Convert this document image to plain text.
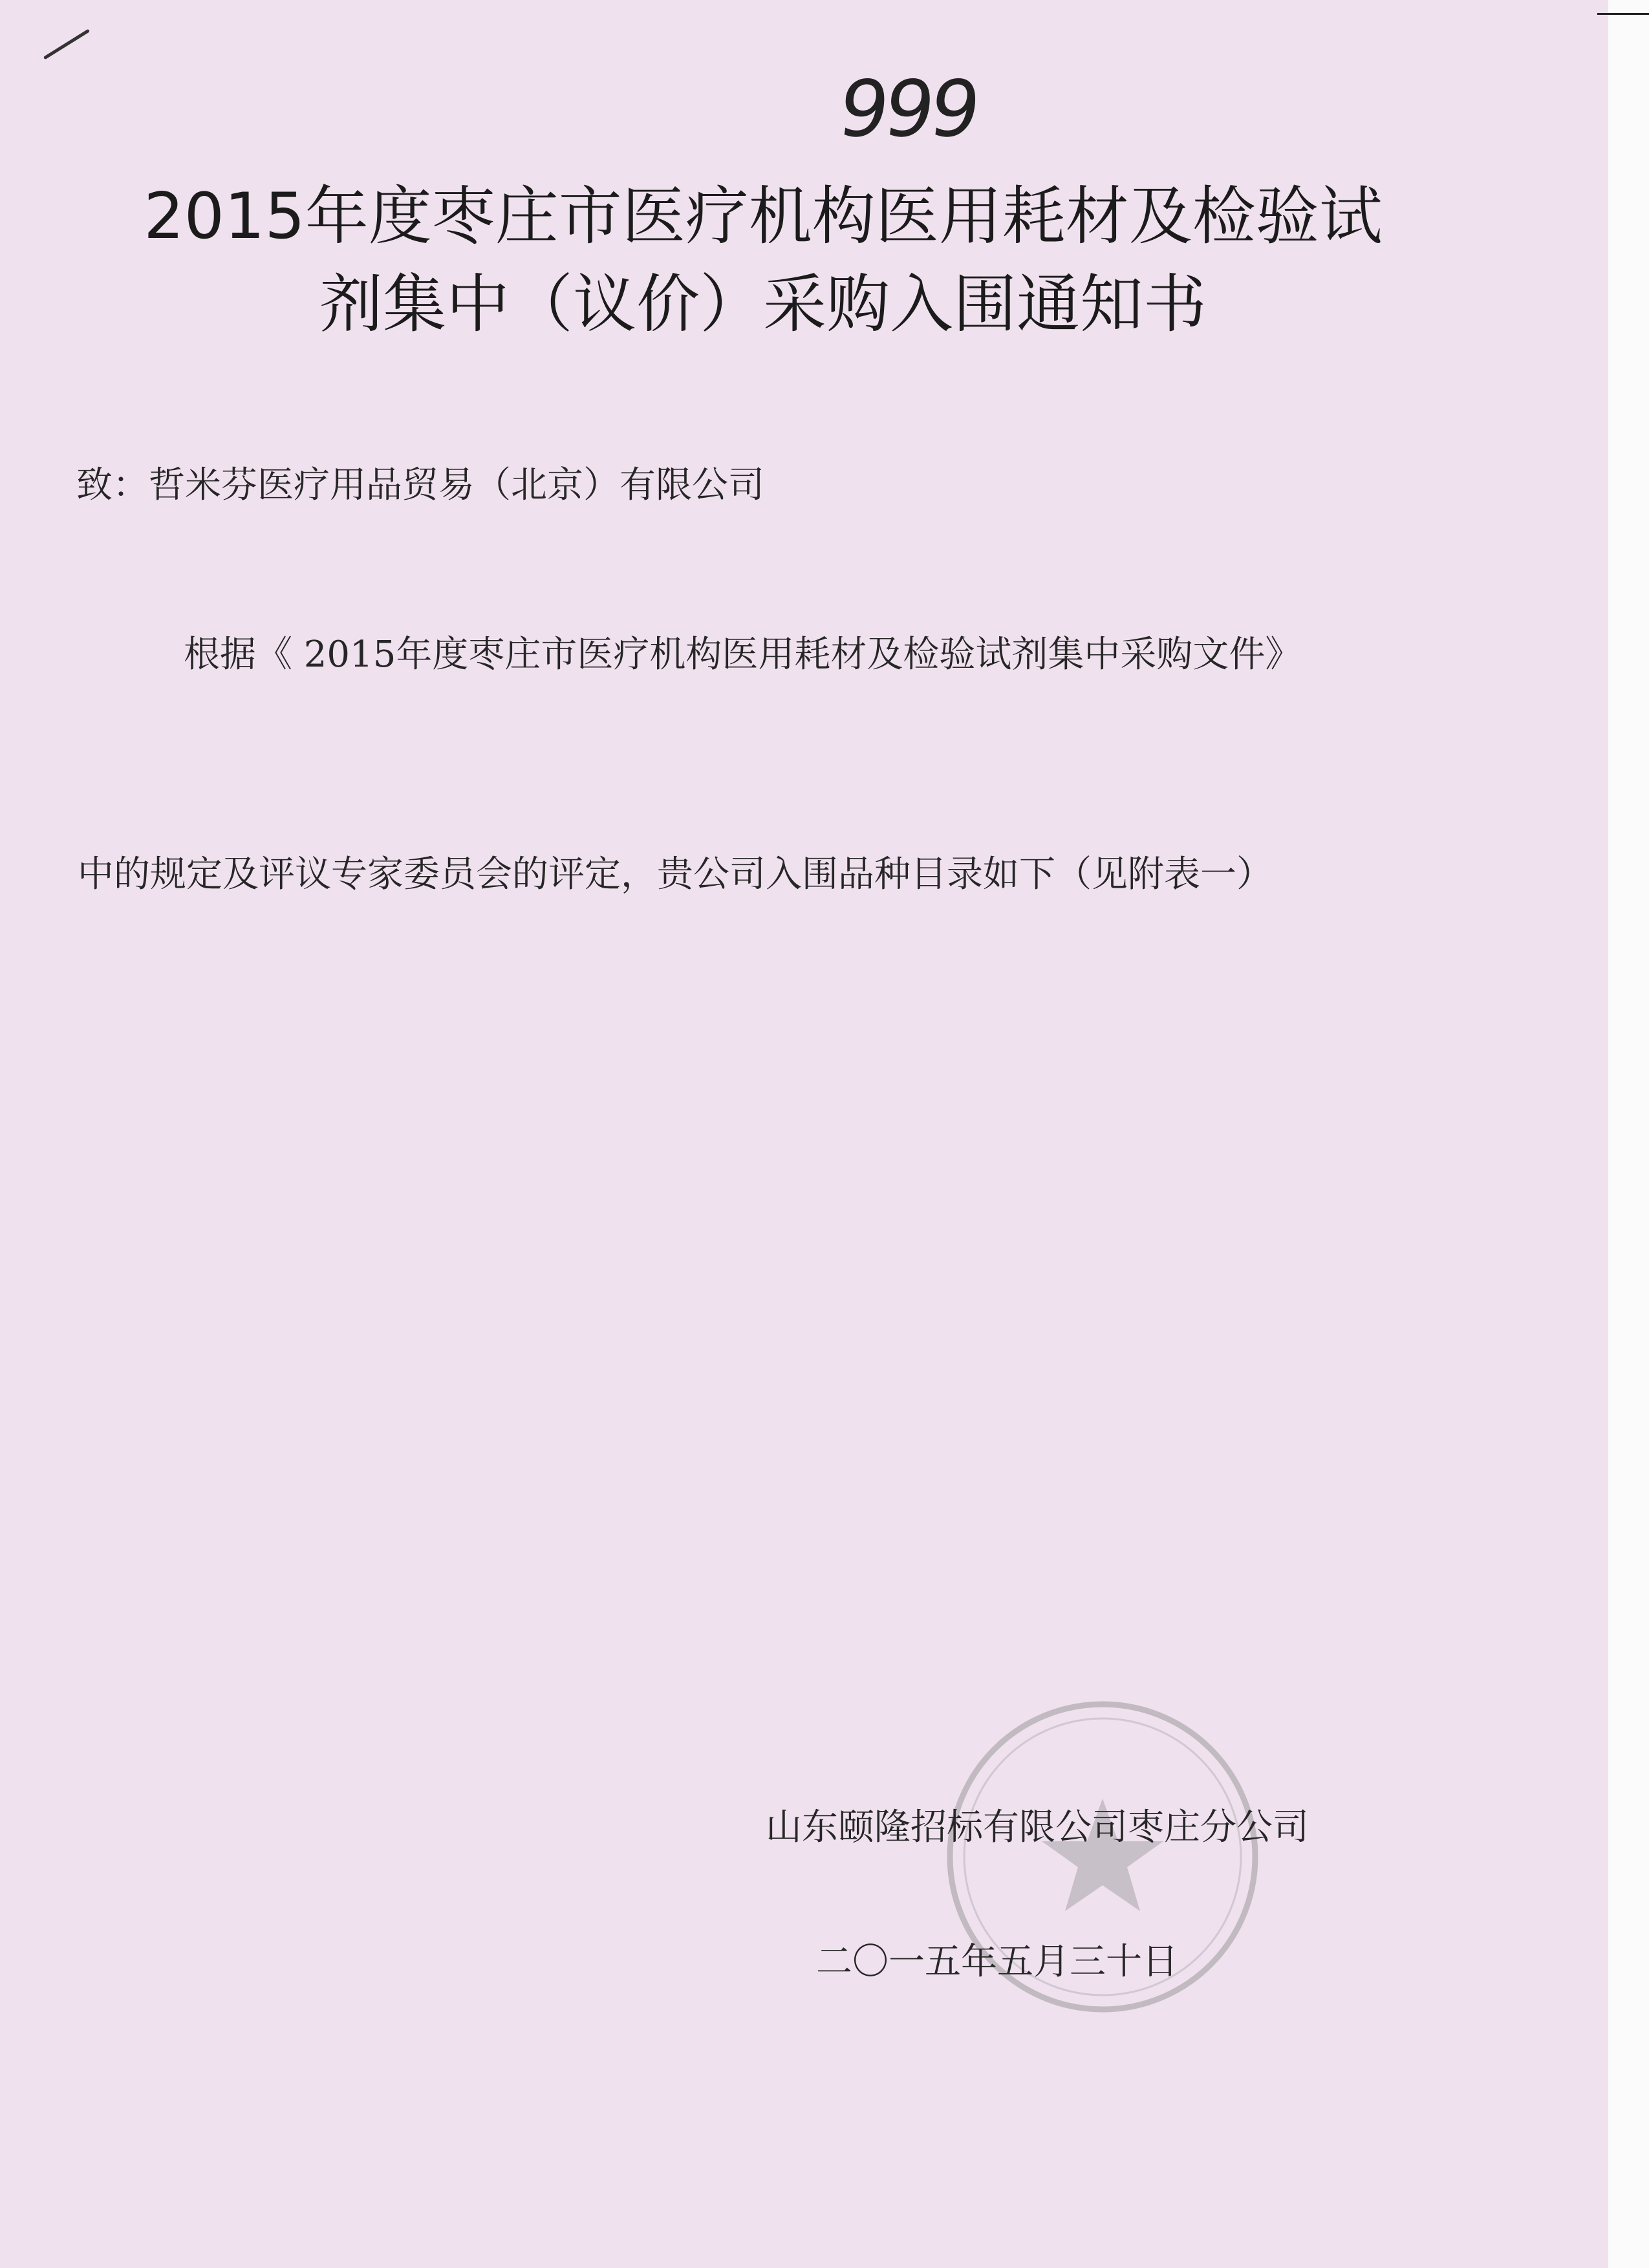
999
2015年度枣庄市医疗机构医用耗材及检验试
剂集中（议价）采购入围通知书
致：哲米芬医疗用品贸易（北京）有限公司
根据《 2015年度枣庄市医疗机构医用耗材及检验试剂集中采购文件》
中的规定及评议专家委员会的评定，贵公司入围品种目录如下（见附表一）
山东颐隆招标有限公司枣庄分公司
二〇一五年五月三十日
